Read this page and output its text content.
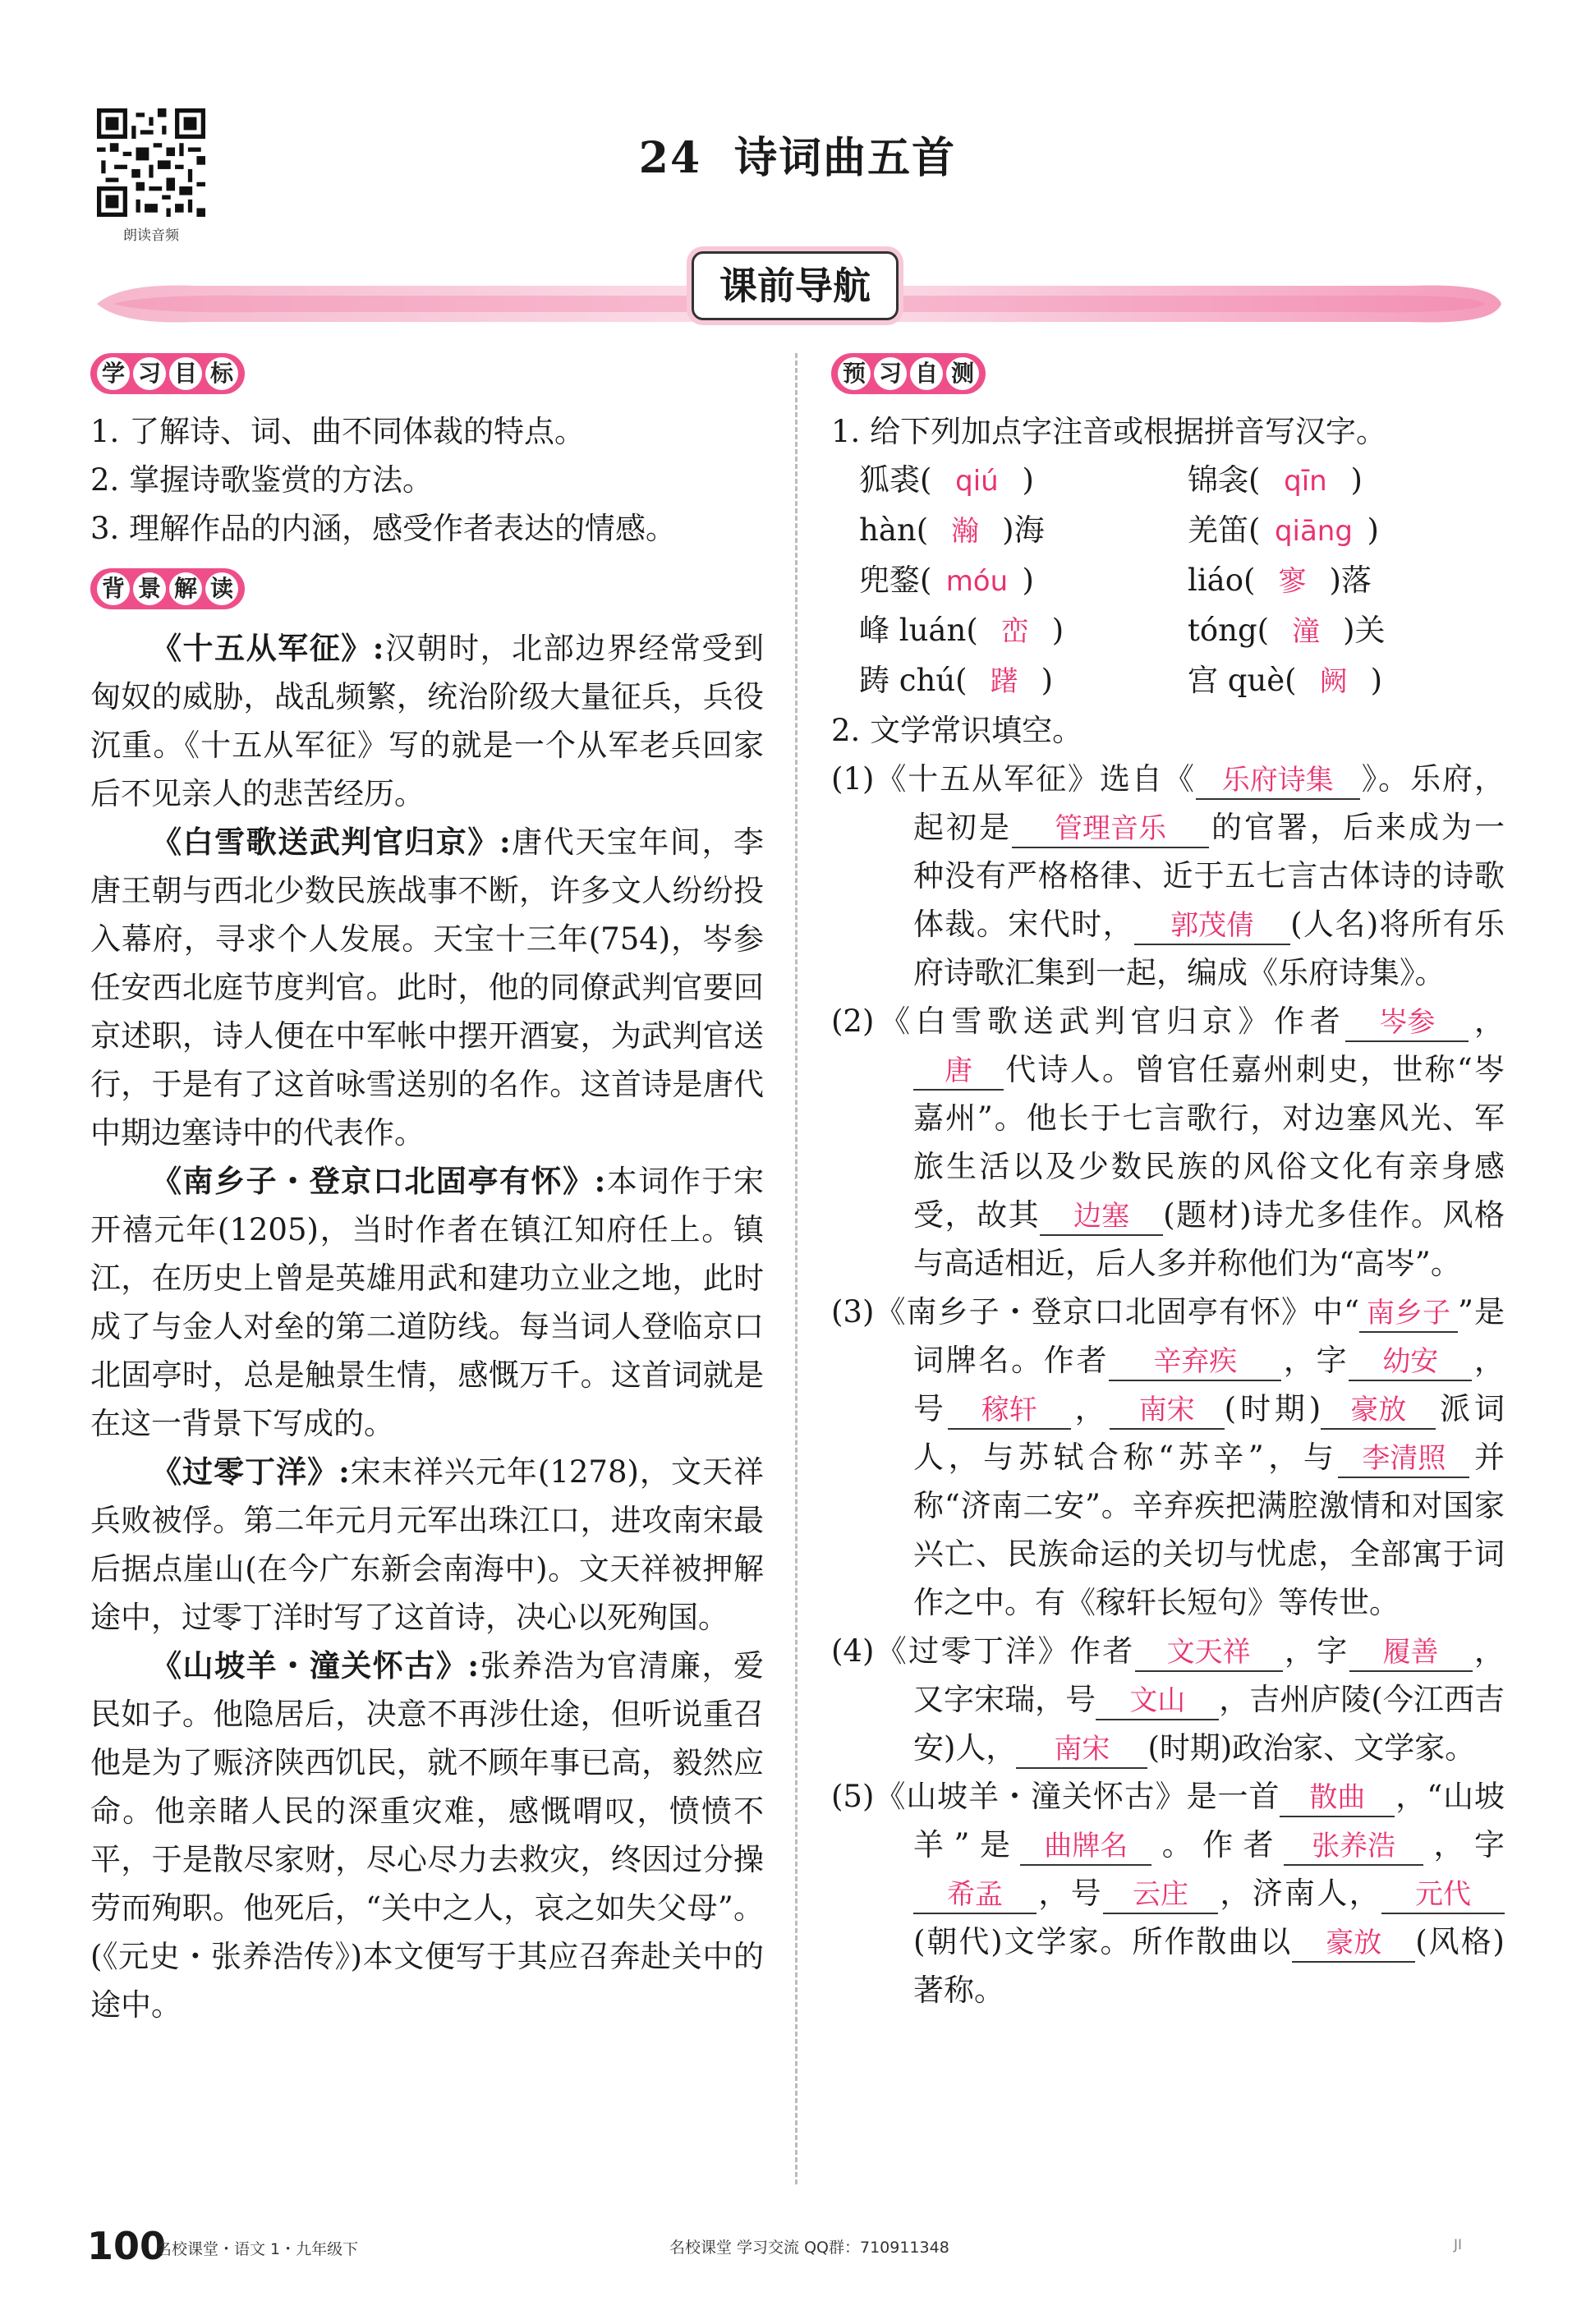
朗读音频
24 诗词曲五首
课前导航
学 习 目 标

1. 了解诗、词、曲不同体裁的特点。

2. 掌握诗歌鉴赏的方法。

3. 理解作品的内涵，感受作者表达的情感。

背 景 解 读

《十五从军征》:汉朝时，北部边界经常受到匈奴的威胁，战乱频繁，统治阶级大量征兵，兵役沉重。《十五从军征》写的就是一个从军老兵回家后不见亲人的悲苦经历。

《白雪歌送武判官归京》:唐代天宝年间，李唐王朝与西北少数民族战事不断，许多文人纷纷投入幕府，寻求个人发展。天宝十三年(754)，岑参任安西北庭节度判官。此时，他的同僚武判官要回京述职，诗人便在中军帐中摆开酒宴，为武判官送行，于是有了这首咏雪送别的名作。这首诗是唐代中期边塞诗中的代表作。

《南乡子・登京口北固亭有怀》:本词作于宋开禧元年(1205)，当时作者在镇江知府任上。镇江，在历史上曾是英雄用武和建功立业之地，此时成了与金人对垒的第二道防线。每当词人登临京口北固亭时，总是触景生情，感慨万千。这首词就是在这一背景下写成的。

《过零丁洋》:宋末祥兴元年(1278)，文天祥兵败被俘。第二年元月元军出珠江口，进攻南宋最后据点崖山(在今广东新会南海中)。文天祥被押解途中，过零丁洋时写了这首诗，决心以死殉国。

《山坡羊・潼关怀古》:张养浩为官清廉，爱民如子。他隐居后，决意不再涉仕途，但听说重召他是为了赈济陕西饥民，就不顾年事已高，毅然应命。他亲睹人民的深重灾难，感慨喟叹，愤愤不平，于是散尽家财，尽心尽力去救灾，终因过分操劳而殉职。他死后，“关中之人，哀之如失父母”。(《元史・张养浩传》)本文便写于其应召奔赴关中的途中。

预 习 自 测

1. 给下列加点字注音或根据拼音写汉字。

狐裘( qiú )	锦衾( qīn )
hàn( 瀚 )海	羌笛( qiāng )
兜鍪( móu )	liáo( 寥 )落
峰 luán( 峦 )	tóng( 潼 )关
踌 chú( 躇 )	宫 què( 阙 )

2. 文学常识填空。

(1)《十五从军征》选自《 乐府诗集 》。乐府，起初是 管理音乐 的官署，后来成为一种没有严格格律、近于五七言古体诗的诗歌体裁。宋代时， 郭茂倩 (人名)将所有乐府诗歌汇集到一起，编成《乐府诗集》。

(2)《白雪歌送武判官归京》作者 岑参 ，唐 代诗人。曾官任嘉州刺史，世称“岑嘉州”。他长于七言歌行，对边塞风光、军旅生活以及少数民族的风俗文化有亲身感受，故其 边塞 (题材)诗尤多佳作。风格与高适相近，后人多并称他们为“高岑”。

(3)《南乡子・登京口北固亭有怀》中“ 南乡子 ”是词牌名。作者 辛弃疾 ，字 幼安 ，号 稼轩 ， 南宋 (时期) 豪放 派词人，与苏轼合称“苏辛”，与 李清照 并称“济南二安”。辛弃疾把满腔激情和对国家兴亡、民族命运的关切与忧虑，全部寓于词作之中。有《稼轩长短句》等传世。

(4)《过零丁洋》作者 文天祥 ，字 履善 ，又字宋瑞，号 文山 ，吉州庐陵(今江西吉安)人， 南宋 (时期)政治家、文学家。

(5)《山坡羊・潼关怀古》是一首 散曲 ，“山坡羊”是 曲牌名 。作者 张养浩 ，字希孟 ，号 云庄 ，济南人， 元代(朝代)文学家。所作散曲以 豪放 (风格)著称。

100
名校课堂・语文 1・九年级下	名校课堂 学习交流 QQ群：710911348	JI
